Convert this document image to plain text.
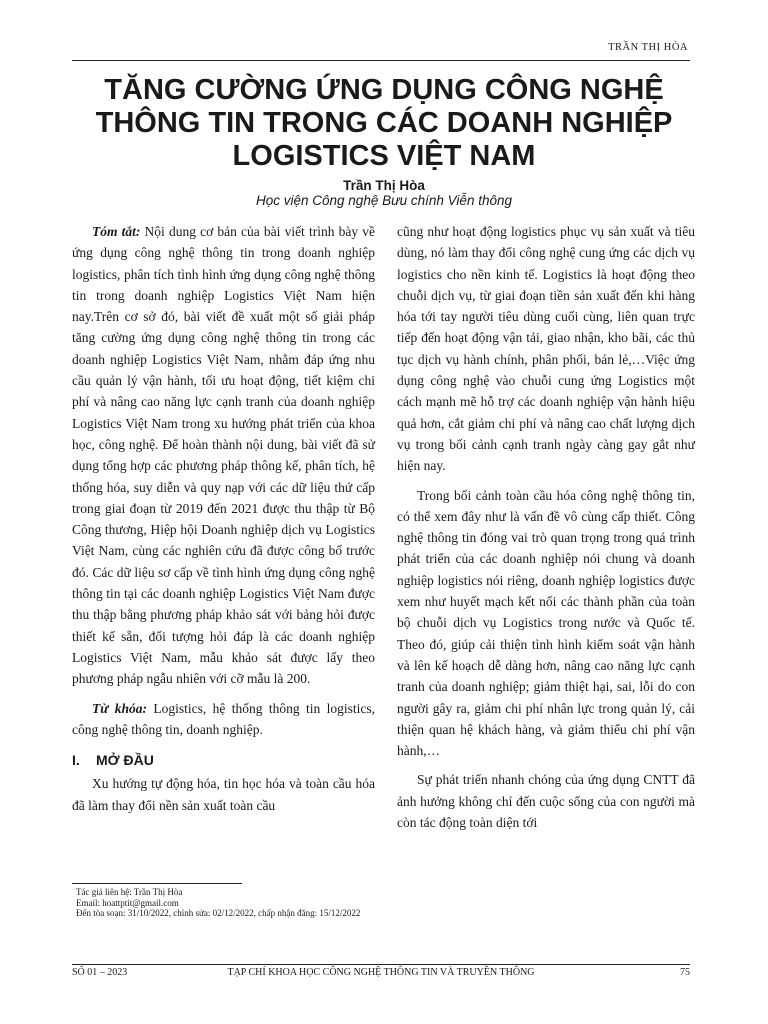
TRẦN THỊ HÒA
TĂNG CƯỜNG ỨNG DỤNG CÔNG NGHỆ THÔNG TIN TRONG CÁC DOANH NGHIỆP LOGISTICS VIỆT NAM
Trần Thị Hòa
Học viện Công nghệ Bưu chính Viễn thông

Tóm tắt: Nội dung cơ bản của bài viết trình bày về ứng dụng công nghệ thông tin trong doanh nghiệp logistics, phân tích tình hình ứng dụng công nghệ thông tin trong doanh nghiệp Logistics Việt Nam hiện nay.Trên cơ sở đó, bài viết đề xuất một số giải pháp tăng cường ứng dụng công nghệ thông tin trong các doanh nghiệp Logistics Việt Nam, nhằm đáp ứng nhu cầu quản lý vận hành, tối ưu hoạt động, tiết kiệm chi phí và nâng cao năng lực cạnh tranh của doanh nghiệp Logistics Việt Nam trong xu hướng phát triển của khoa học, công nghệ. Để hoàn thành nội dung, bài viết đã sử dụng tổng hợp các phương pháp thông kế, phân tích, hệ thống hóa, suy diễn và quy nạp với các dữ liệu thứ cấp trong giai đoạn từ 2019 đến 2021 được thu thập từ Bộ Công thương, Hiệp hội Doanh nghiệp dịch vụ Logistics Việt Nam, cùng các nghiên cứu đã được công bố trước đó. Các dữ liệu sơ cấp về tình hình ứng dụng công nghệ thông tin tại các doanh nghiệp Logistics Việt Nam được thu thập bằng phương pháp khảo sát với bảng hỏi được thiết kế sẵn, đối tượng hỏi đáp là các doanh nghiệp Logistics Việt Nam, mẫu khảo sát được lấy theo phương pháp ngẫu nhiên với cỡ mẫu là 200.

Từ khóa: Logistics, hệ thống thông tin logistics, công nghệ thông tin, doanh nghiệp.

I. MỞ ĐẦU

Xu hướng tự động hóa, tin học hóa và toàn cầu hóa đã làm thay đổi nền sản xuất toàn cầu

cũng như hoạt động logistics phục vụ sản xuất và tiêu dùng, nó làm thay đổi công nghệ cung ứng các dịch vụ logistics cho nền kinh tế. Logistics là hoạt động theo chuỗi dịch vụ, từ giai đoạn tiền sản xuất đến khi hàng hóa tới tay người tiêu dùng cuối cùng, liên quan trực tiếp đến hoạt động vận tải, giao nhận, kho bãi, các thủ tục dịch vụ hành chính, phân phối, bán lẻ,…Việc ứng dụng công nghệ vào chuỗi cung ứng Logistics một cách mạnh mẽ hỗ trợ các doanh nghiệp vận hành hiệu quả hơn, cắt giảm chi phí và nâng cao chất lượng dịch vụ trong bối cảnh cạnh tranh ngày càng gay gắt như hiện nay.

Trong bối cảnh toàn cầu hóa công nghệ thông tin, có thể xem đây như là vấn đề vô cùng cấp thiết. Công nghệ thông tin đóng vai trò quan trọng trong quá trình phát triển của các doanh nghiệp nói chung và doanh nghiệp logistics nói riêng, doanh nghiệp logistics được xem như huyết mạch kết nối các thành phần của toàn bộ chuỗi dịch vụ Logistics trong nước và Quốc tế. Theo đó, giúp cải thiện tình hình kiểm soát vận hành và lên kế hoạch dễ dàng hơn, nâng cao năng lực cạnh tranh của doanh nghiệp; giảm thiệt hại, sai, lỗi do con người gây ra, giảm chi phí nhân lực trong quản lý, cải thiện quan hệ khách hàng, và giảm thiểu chi phí vận hành,…

Sự phát triển nhanh chóng của ứng dụng CNTT đã ảnh hưởng không chỉ đến cuộc sống của con người mà còn tác động toàn diện tới

Tác giả liên hệ: Trần Thị Hòa
Email: hoattptit@gmail.com
Đến tòa soạn: 31/10/2022, chỉnh sửa: 02/12/2022, chấp nhận đăng: 15/12/2022
SỐ 01 – 2023	TẠP CHÍ KHOA HỌC CÔNG NGHỆ THÔNG TIN VÀ TRUYỀN THÔNG	75
